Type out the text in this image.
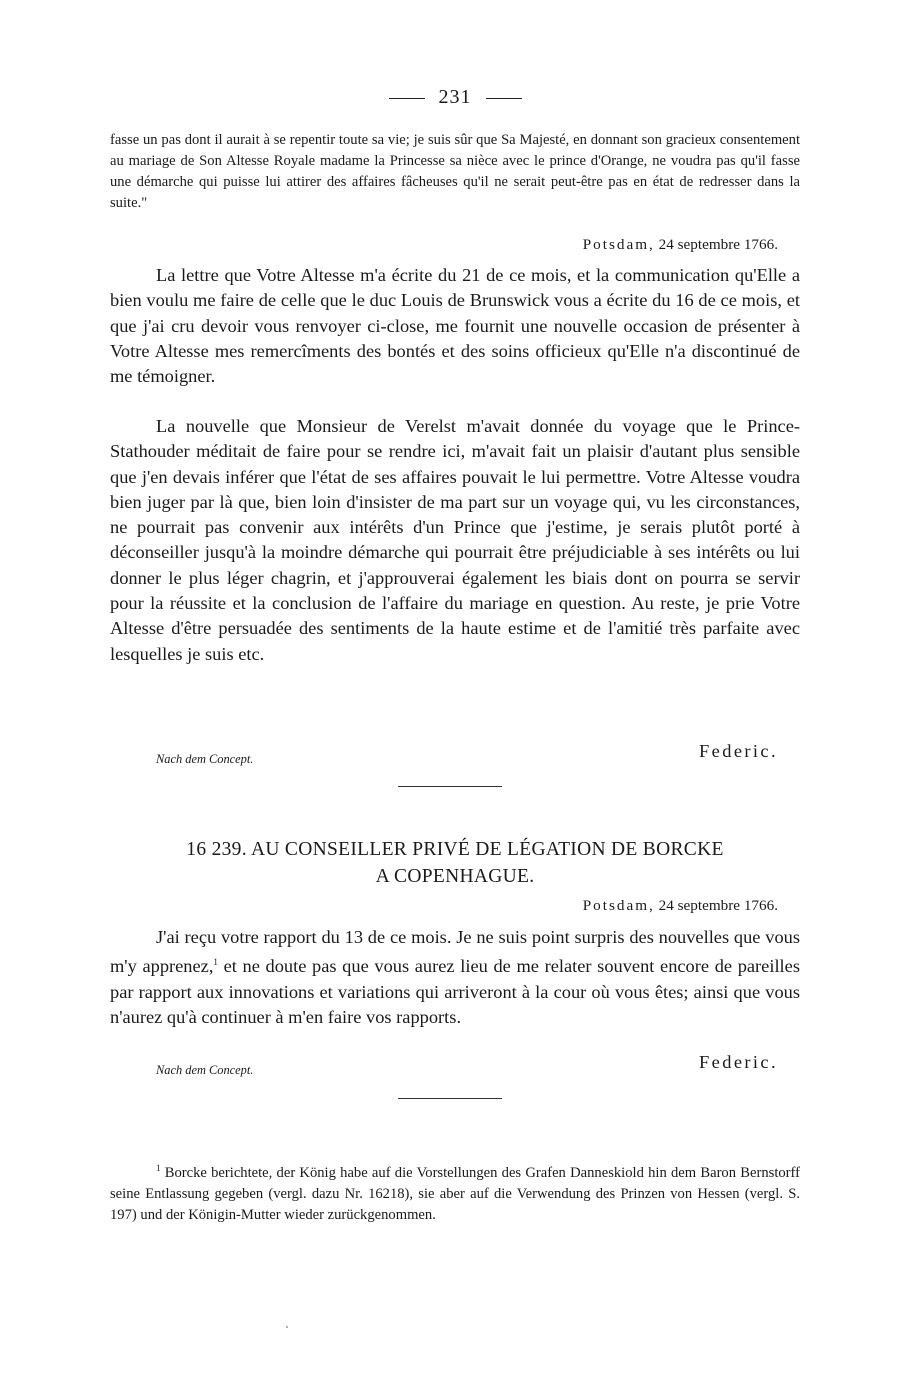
231
fasse un pas dont il aurait à se repentir toute sa vie; je suis sûr que Sa Majesté, en donnant son gracieux consentement au mariage de Son Altesse Royale madame la Princesse sa nièce avec le prince d'Orange, ne voudra pas qu'il fasse une démarche qui puisse lui attirer des affaires fâcheuses qu'il ne serait peut-être pas en état de redresser dans la suite."
Potsdam, 24 septembre 1766.
La lettre que Votre Altesse m'a écrite du 21 de ce mois, et la communication qu'Elle a bien voulu me faire de celle que le duc Louis de Brunswick vous a écrite du 16 de ce mois, et que j'ai cru devoir vous renvoyer ci-close, me fournit une nouvelle occasion de présenter à Votre Altesse mes remercîments des bontés et des soins officieux qu'Elle n'a discontinué de me témoigner.
La nouvelle que Monsieur de Verelst m'avait donnée du voyage que le Prince-Stathouder méditait de faire pour se rendre ici, m'avait fait un plaisir d'autant plus sensible que j'en devais inférer que l'état de ses affaires pouvait le lui permettre. Votre Altesse voudra bien juger par là que, bien loin d'insister de ma part sur un voyage qui, vu les circonstances, ne pourrait pas convenir aux intérêts d'un Prince que j'estime, je serais plutôt porté à déconseiller jusqu'à la moindre démarche qui pourrait être préjudiciable à ses intérêts ou lui donner le plus léger chagrin, et j'approuverai également les biais dont on pourra se servir pour la réussite et la conclusion de l'affaire du mariage en question. Au reste, je prie Votre Altesse d'être persuadée des sentiments de la haute estime et de l'amitié très parfaite avec lesquelles je suis etc.
Nach dem Concept.	Federic.
16 239. AU CONSEILLER PRIVÉ DE LÉGATION DE BORCKE
A COPENHAGUE.
Potsdam, 24 septembre 1766.
J'ai reçu votre rapport du 13 de ce mois. Je ne suis point surpris des nouvelles que vous m'y apprenez,$^1$ et ne doute pas que vous aurez lieu de me relater souvent encore de pareilles par rapport aux innovations et variations qui arriveront à la cour où vous êtes; ainsi que vous n'aurez qu'à continuer à m'en faire vos rapports.
Nach dem Concept.	Federic.
$^1$ Borcke berichtete, der König habe auf die Vorstellungen des Grafen Danneskiold hin dem Baron Bernstorff seine Entlassung gegeben (vergl. dazu Nr. 16218), sie aber auf die Verwendung des Prinzen von Hessen (vergl. S. 197) und der Königin-Mutter wieder zurückgenommen.
